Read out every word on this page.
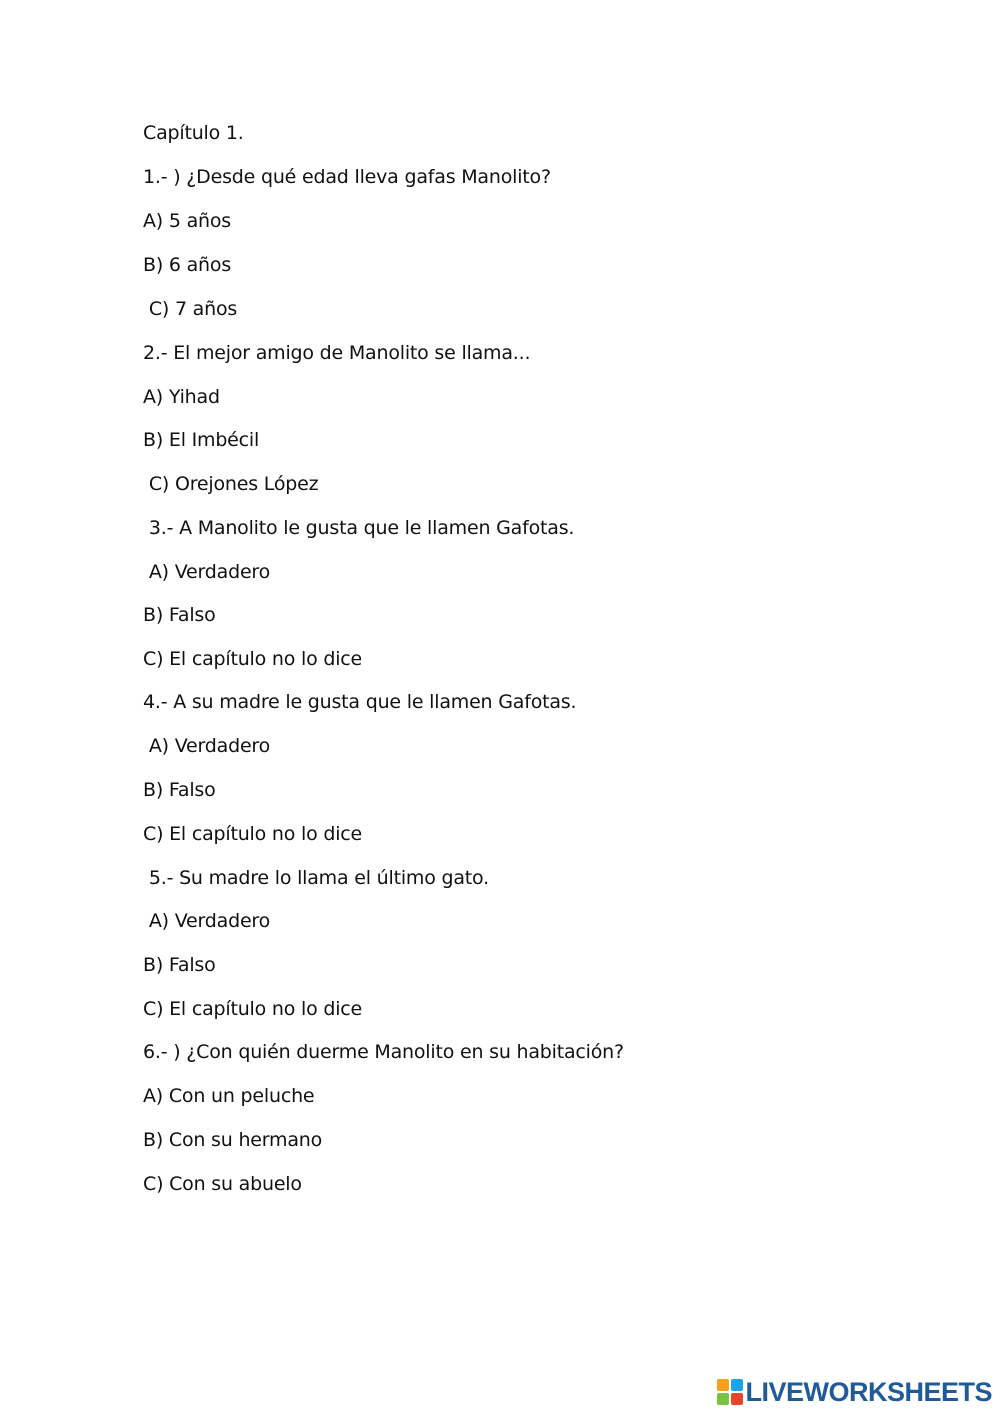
Capítulo 1.
1.- ) ¿Desde qué edad lleva gafas Manolito?
A) 5 años
B) 6 años
C) 7 años
2.- El mejor amigo de Manolito se llama...
A) Yihad
B) El Imbécil
C) Orejones López
3.- A Manolito le gusta que le llamen Gafotas.
A) Verdadero
B) Falso
C) El capítulo no lo dice
4.- A su madre le gusta que le llamen Gafotas.
A) Verdadero
B) Falso
C) El capítulo no lo dice
5.- Su madre lo llama el último gato.
A) Verdadero
B) Falso
C) El capítulo no lo dice
6.- ) ¿Con quién duerme Manolito en su habitación?
A) Con un peluche
B) Con su hermano
C) Con su abuelo
LIVEWORKSHEETS
